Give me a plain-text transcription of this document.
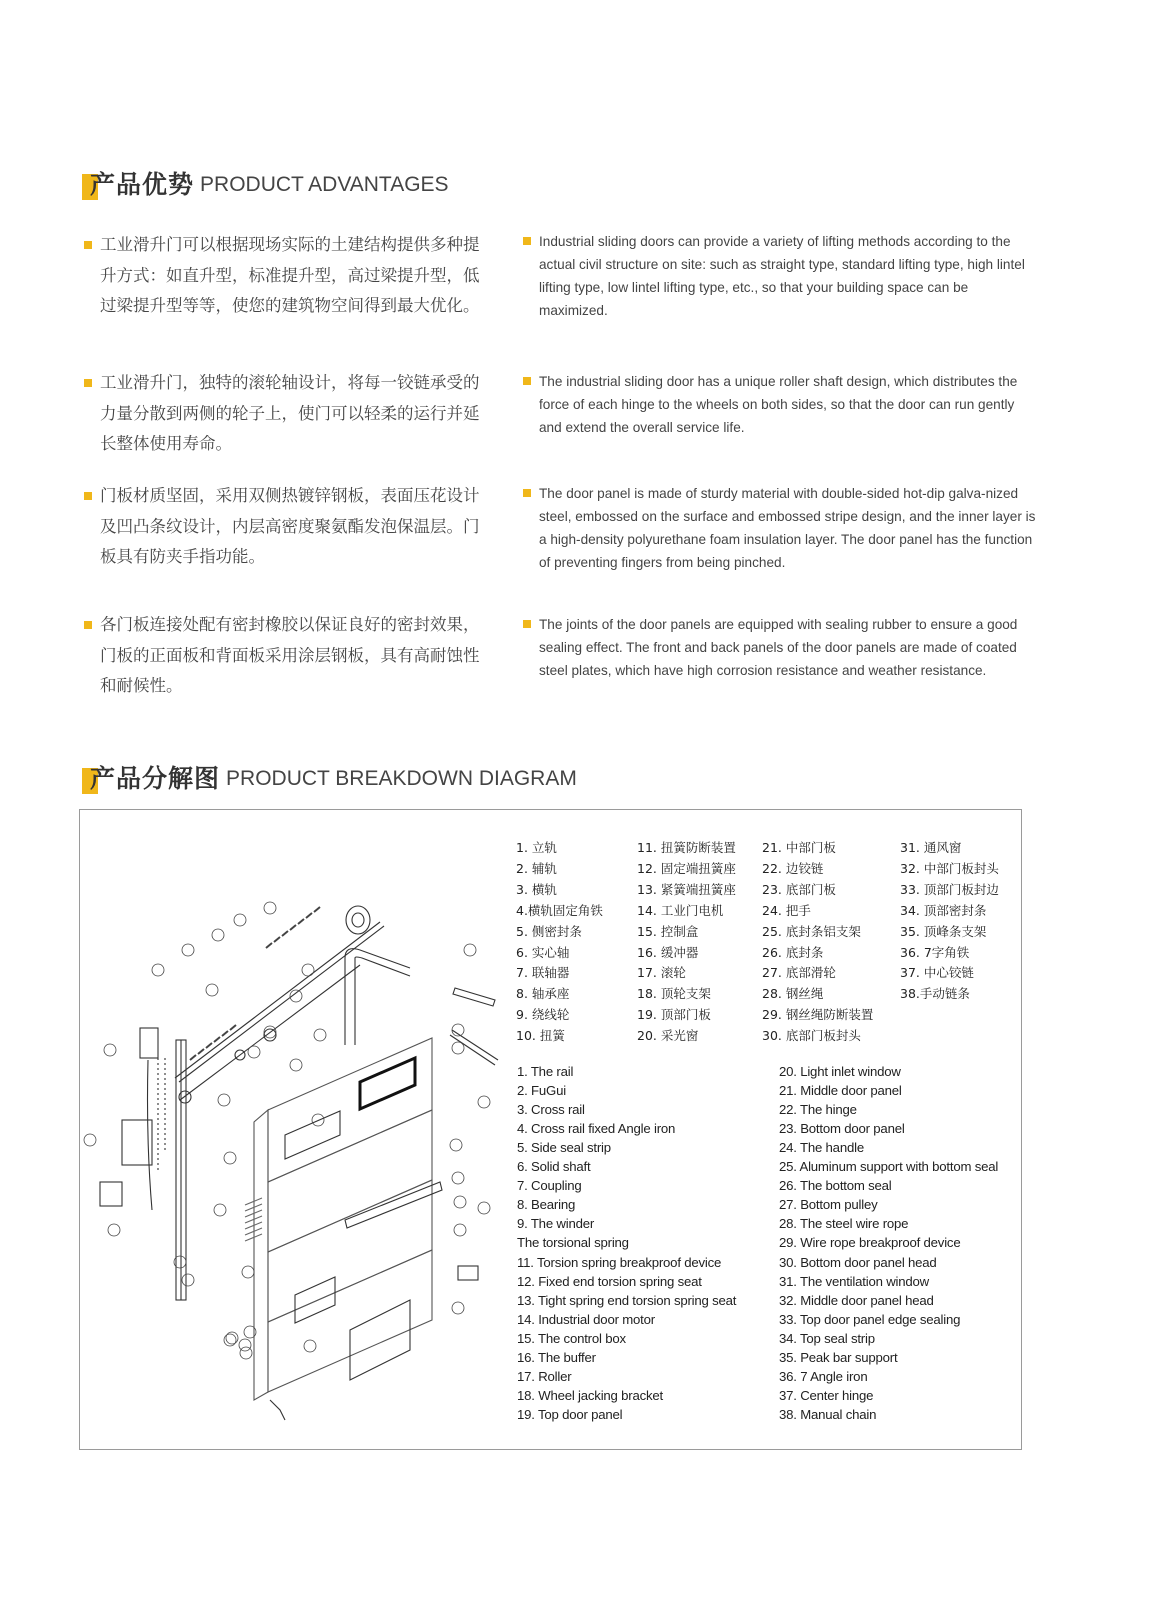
产品优势 PRODUCT ADVANTAGES
工业滑升门可以根据现场实际的土建结构提供多种提升方式：如直升型，标准提升型，高过梁提升型，低过梁提升型等等，使您的建筑物空间得到最大优化。
工业滑升门，独特的滚轮轴设计，将每一铰链承受的力量分散到两侧的轮子上，使门可以轻柔的运行并延长整体使用寿命。
门板材质坚固，采用双侧热镀锌钢板，表面压花设计及凹凸条纹设计，内层高密度聚氨酯发泡保温层。门板具有防夹手指功能。
各门板连接处配有密封橡胶以保证良好的密封效果，门板的正面板和背面板采用涂层钢板，具有高耐蚀性和耐候性。
Industrial sliding doors can provide a variety of lifting methods according to the actual civil structure on site: such as straight type, standard lifting type, high lintel lifting type, low lintel lifting type, etc., so that your building space can be maximized.
The industrial sliding door has a unique roller shaft design, which distributes the force of each hinge to the wheels on both sides, so that the door can run gently and extend the overall service life.
The door panel is made of sturdy material with double-sided hot-dip galva-nized steel, embossed on the surface and embossed stripe design, and the inner layer is a high-density polyurethane foam insulation layer. The door panel has the function of preventing fingers from being pinched.
The joints of the door panels are equipped with sealing rubber to ensure a good sealing effect. The front and back panels of the door panels are made of coated steel plates, which have high corrosion resistance and weather resistance.
产品分解图 PRODUCT BREAKDOWN DIAGRAM
1. 立轨
2. 辅轨
3. 横轨
4.横轨固定角铁
5. 侧密封条
6. 实心轴
7. 联轴器
8. 轴承座
9. 绕线轮
10. 扭簧
11. 扭簧防断装置
12. 固定端扭簧座
13. 紧簧端扭簧座
14. 工业门电机
15. 控制盒
16. 缓冲器
17. 滚轮
18. 顶轮支架
19. 顶部门板
20. 采光窗
21. 中部门板
22. 边铰链
23. 底部门板
24. 把手
25. 底封条铝支架
26. 底封条
27. 底部滑轮
28. 钢丝绳
29. 钢丝绳防断装置
30. 底部门板封头
31. 通风窗
32. 中部门板封头
33. 顶部门板封边
34. 顶部密封条
35. 顶峰条支架
36. 7字角铁
37. 中心铰链
38.手动链条
1. The rail
2. FuGui
3. Cross rail
4. Cross rail fixed Angle iron
5. Side seal strip
6. Solid shaft
7. Coupling
8. Bearing
9. The winder
The torsional spring
11. Torsion spring breakproof device
12. Fixed end torsion spring seat
13. Tight spring end torsion spring seat
14. Industrial door motor
15. The control box
16. The buffer
17. Roller
18. Wheel jacking bracket
19. Top door panel
20. Light inlet window
21. Middle door panel
22. The hinge
23. Bottom door panel
24. The handle
25. Aluminum support with bottom seal
26. The bottom seal
27. Bottom pulley
28. The steel wire rope
29. Wire rope breakproof device
30. Bottom door panel head
31. The ventilation window
32. Middle door panel head
33. Top door panel edge sealing
34. Top seal strip
35. Peak bar support
36. 7 Angle iron
37. Center hinge
38. Manual chain
